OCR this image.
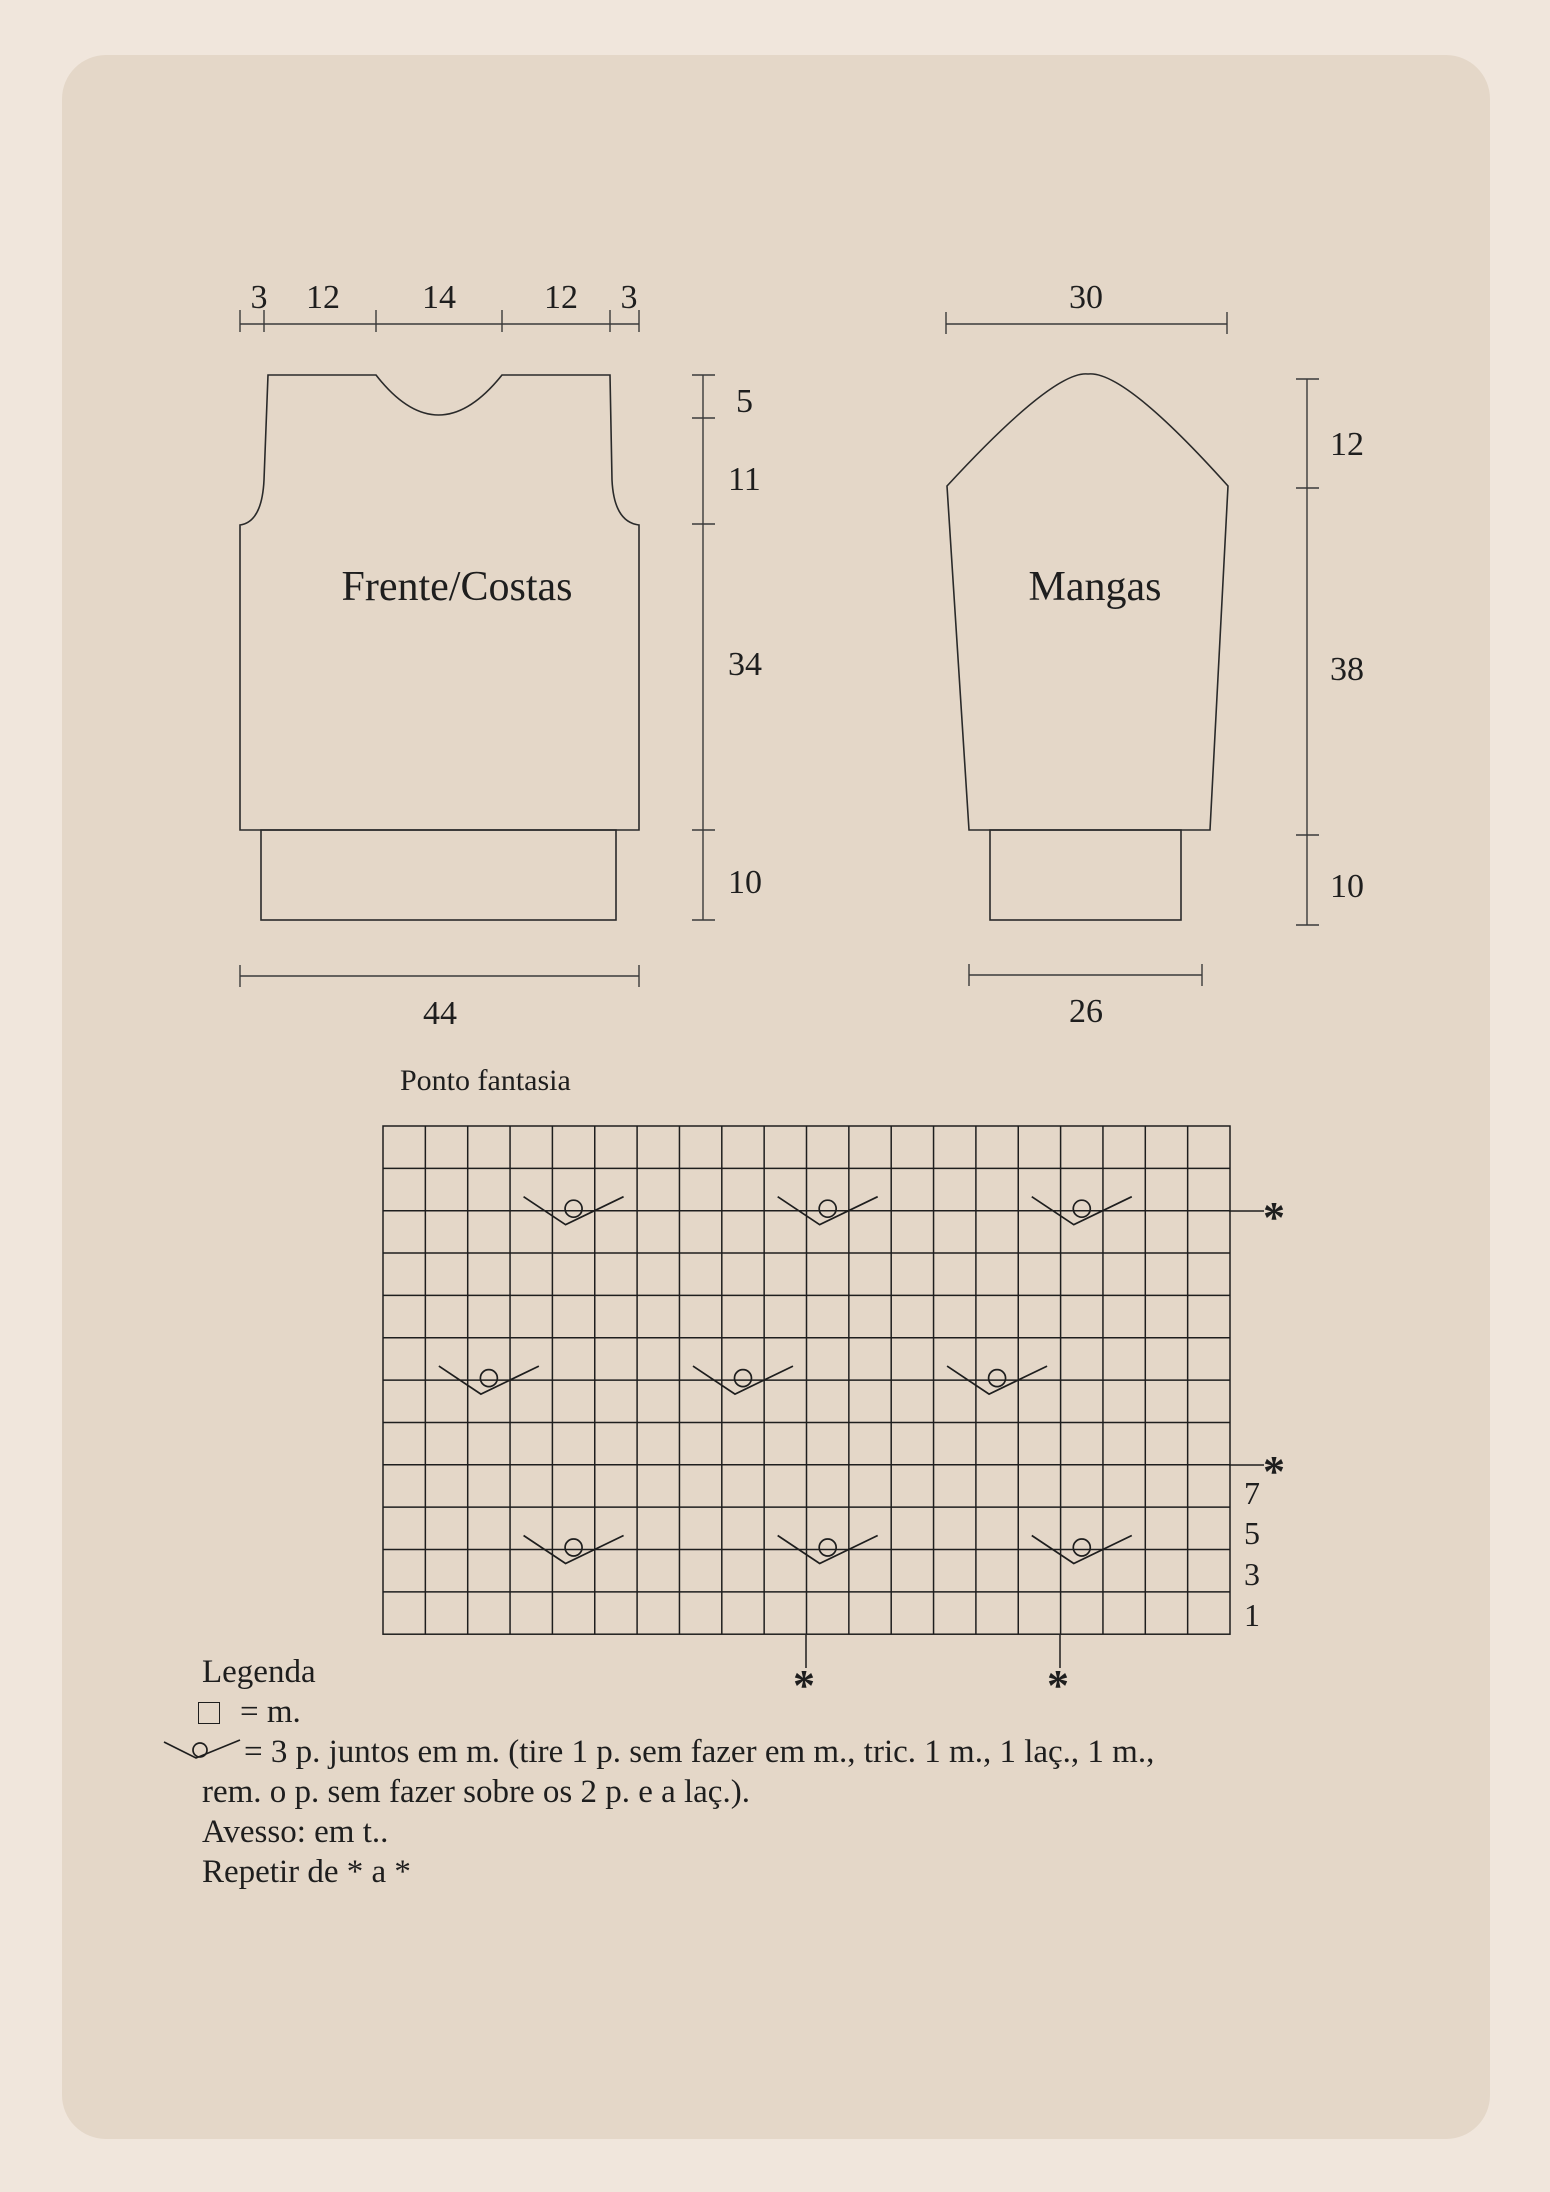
3 12 14	12 3
5
11
34
10
44
Frente/Costas
30
12
38
10
26
Mangas
Ponto fantasia
*
*
*	*
7
5
3
1
Legenda
= m.
= 3 p. juntos em m. (tire 1 p. sem fazer em m., tric. 1 m., 1 laç., 1 m.,
rem. o p. sem fazer sobre os 2 p. e a laç.).
Avesso: em t..
Repetir de * a *
